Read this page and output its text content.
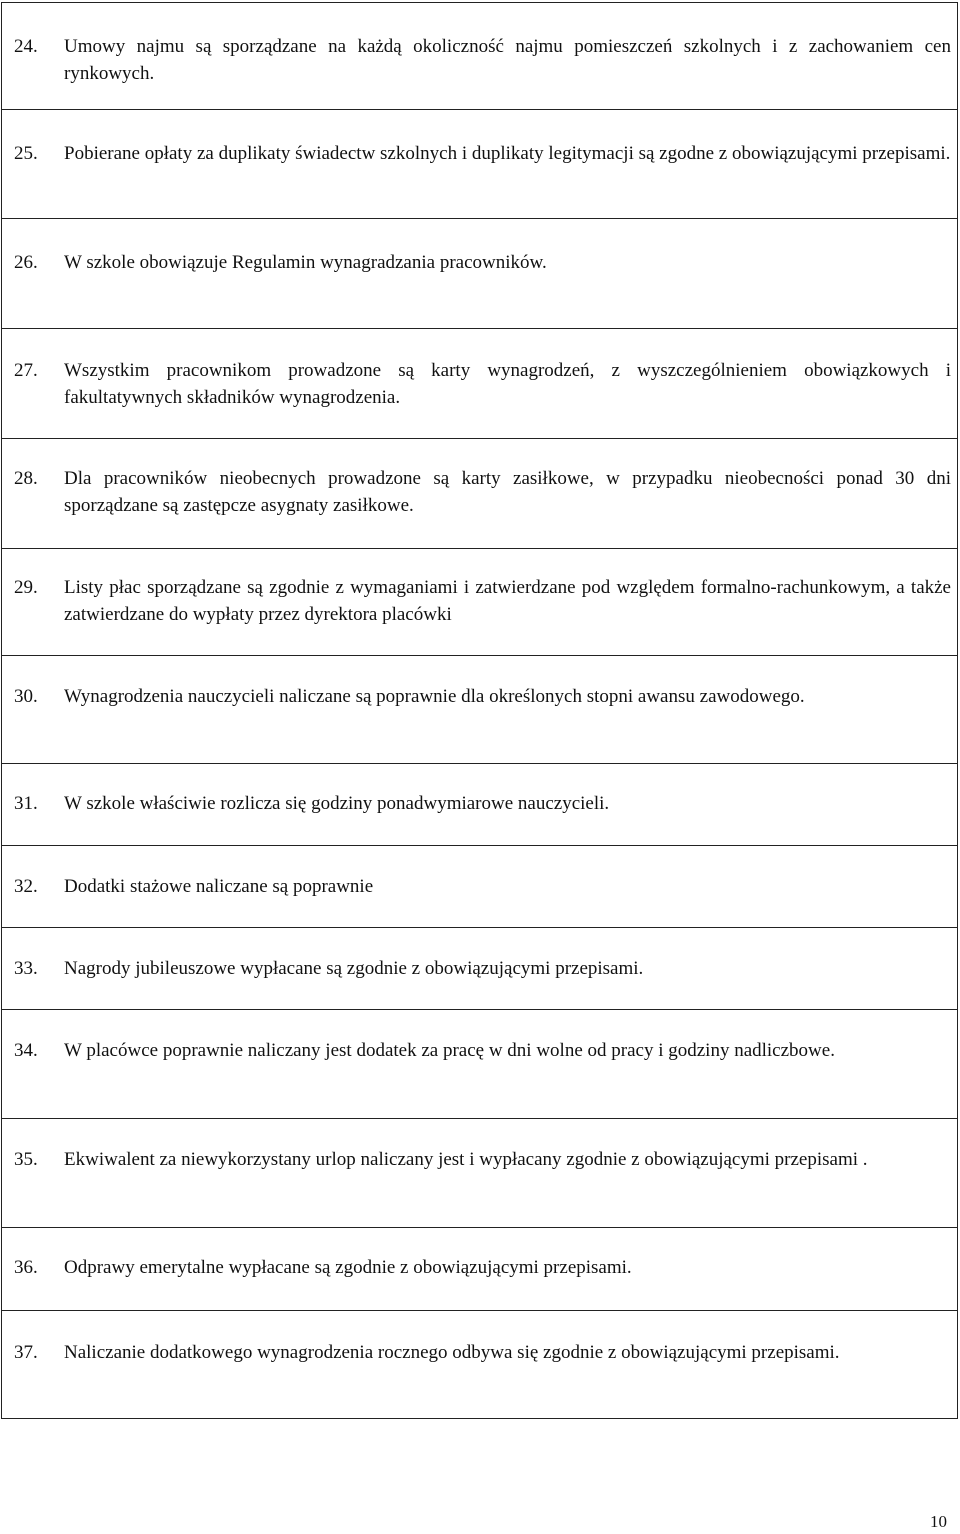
24. Umowy najmu są sporządzane na każdą okoliczność najmu pomieszczeń szkolnych i z zachowaniem cen rynkowych.
25. Pobierane opłaty za duplikaty świadectw szkolnych i duplikaty legitymacji są zgodne z obowiązującymi przepisami.
26. W szkole obowiązuje Regulamin wynagradzania pracowników.
27. Wszystkim pracownikom prowadzone są karty wynagrodzeń, z wyszczególnieniem obowiązkowych i fakultatywnych składników wynagrodzenia.
28. Dla pracowników nieobecnych prowadzone są karty zasiłkowe, w przypadku nieobecności ponad 30 dni sporządzane są zastępcze asygnaty zasiłkowe.
29. Listy płac sporządzane są zgodnie z wymaganiami i zatwierdzane pod względem formalno-rachunkowym, a także zatwierdzane do wypłaty przez dyrektora placówki
30. Wynagrodzenia nauczycieli naliczane są poprawnie dla określonych stopni awansu zawodowego.
31. W szkole właściwie rozlicza się godziny ponadwymiarowe nauczycieli.
32. Dodatki stażowe naliczane są poprawnie
33. Nagrody jubileuszowe wypłacane są zgodnie z obowiązującymi przepisami.
34. W placówce poprawnie naliczany jest dodatek za pracę w dni wolne od pracy i godziny nadliczbowe.
35. Ekwiwalent za niewykorzystany urlop naliczany jest i wypłacany zgodnie z obowiązującymi przepisami .
36. Odprawy emerytalne wypłacane są zgodnie z obowiązującymi przepisami.
37. Naliczanie dodatkowego wynagrodzenia rocznego odbywa się zgodnie z obowiązującymi przepisami.
10
